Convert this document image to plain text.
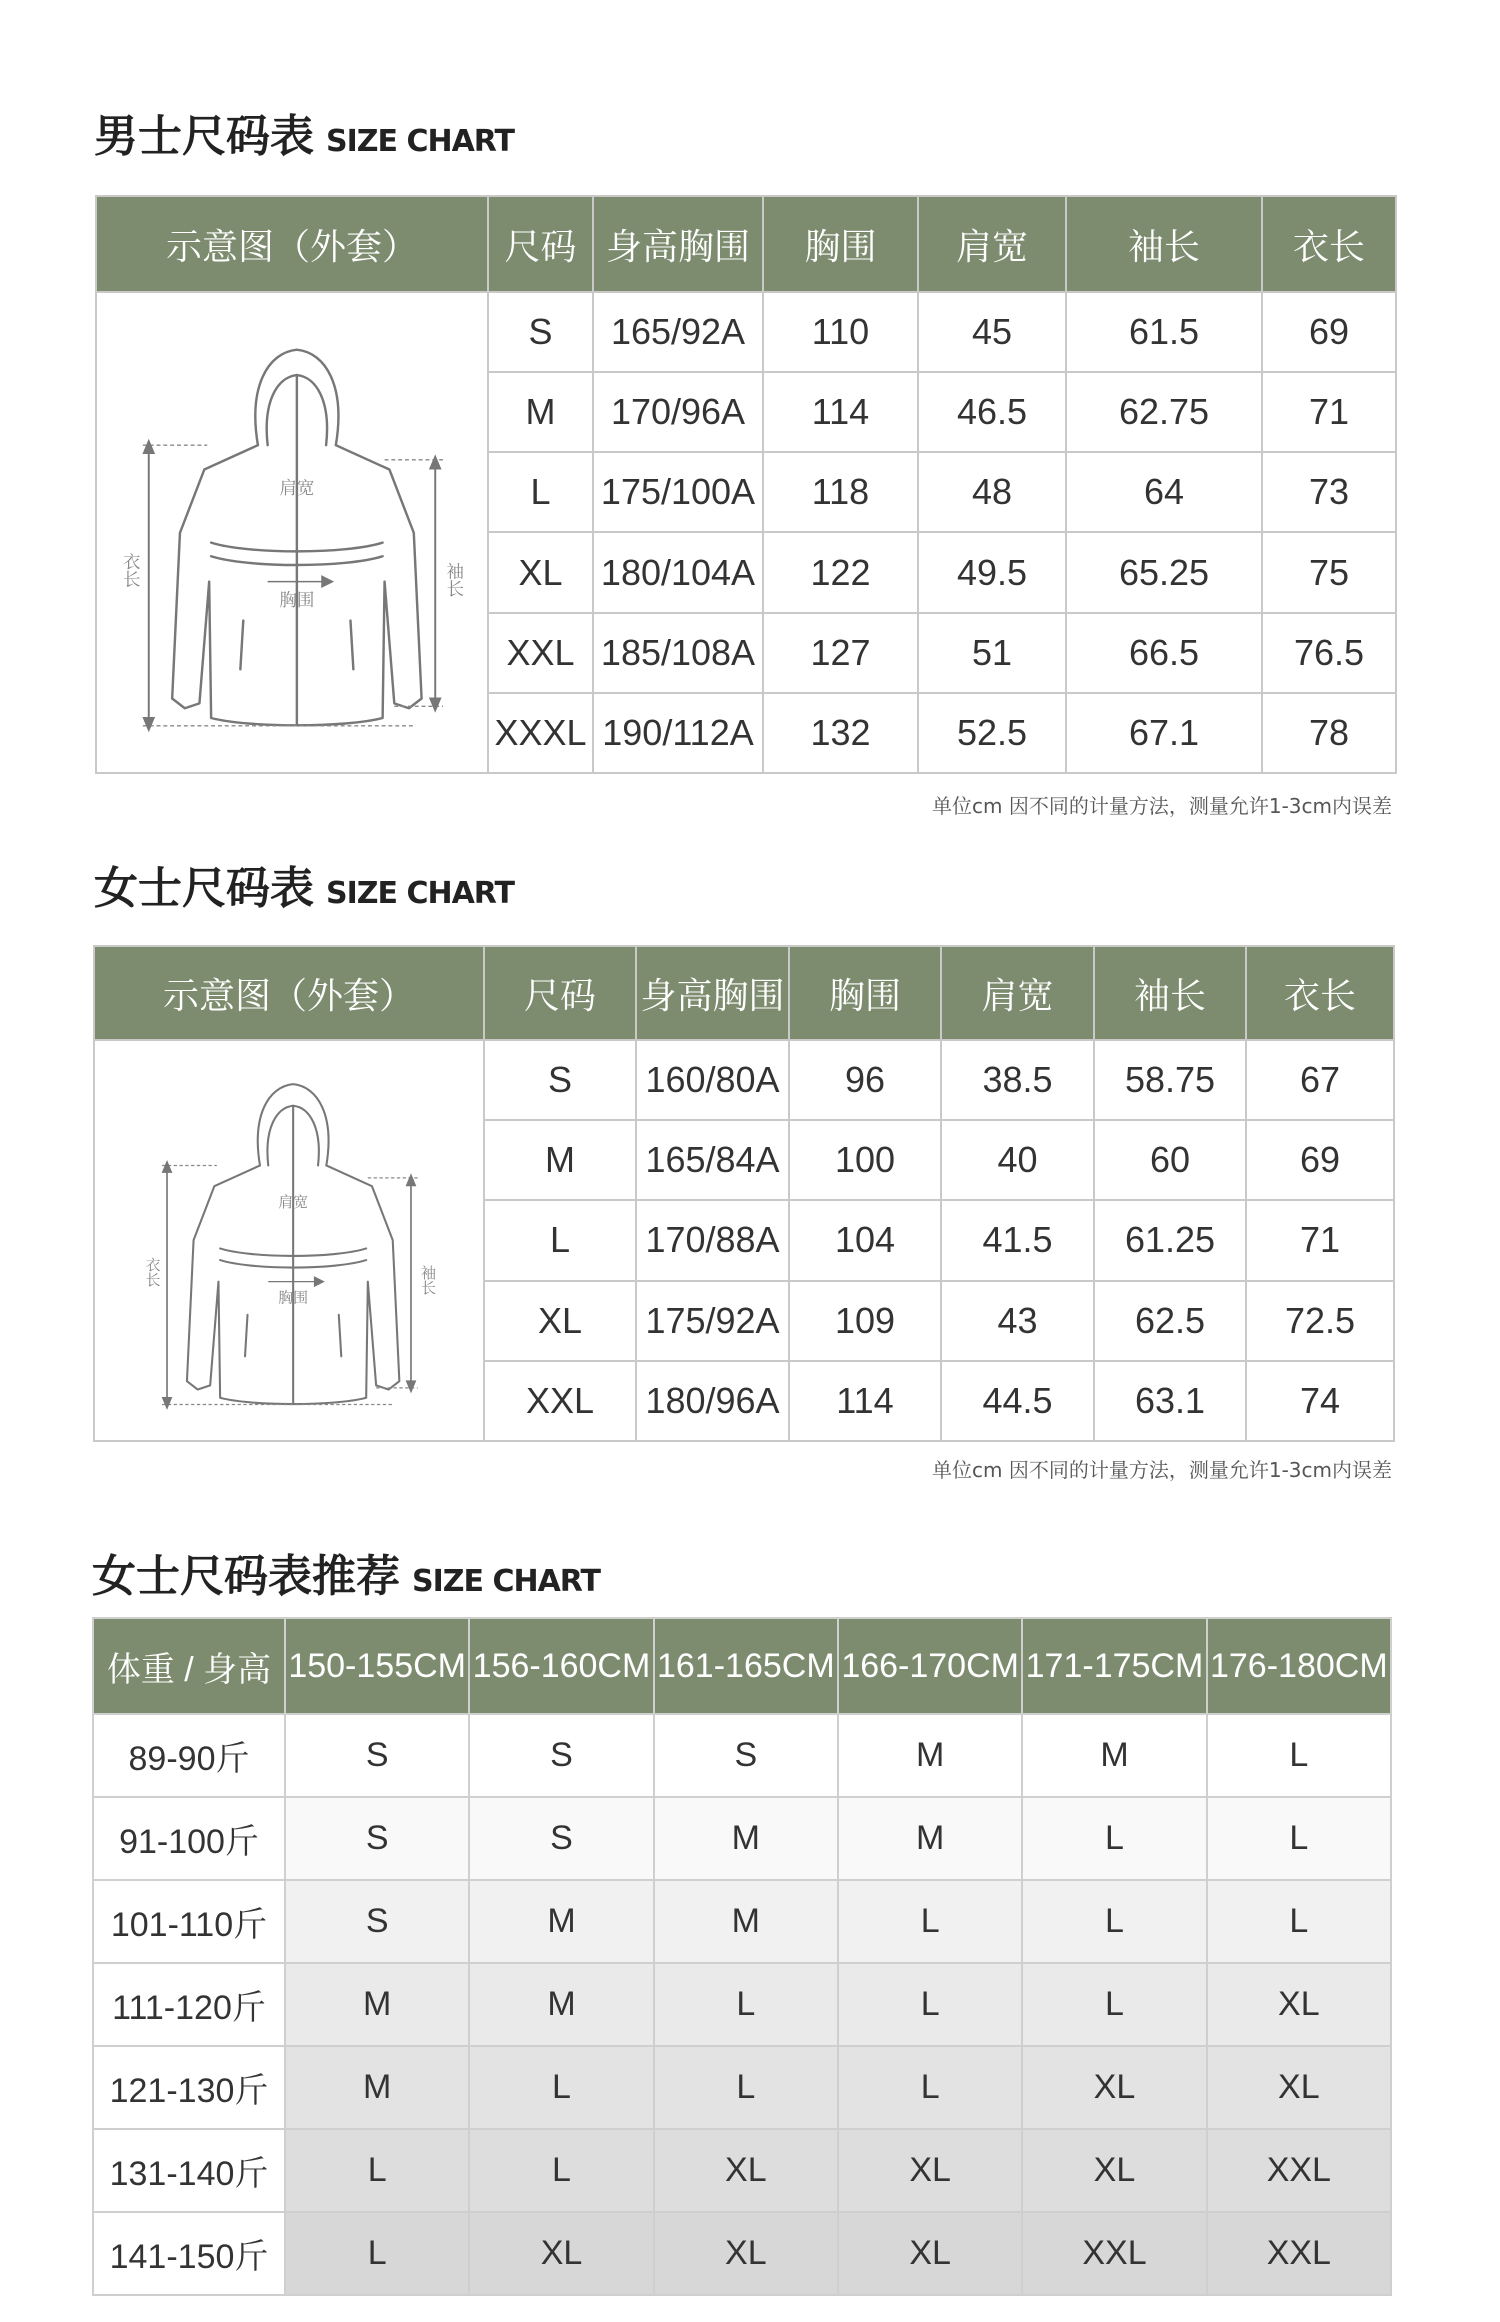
男士尺码表 SIZE CHART
示意图（外套）	尺码	身高胸围	胸围	肩宽	袖长	衣长

肩宽
胸围
衣长 袖长	S	165/92A	110	45	61.5	69
	M	170/96A	114	46.5	62.75	71
	L	175/100A	118	48	64	73
	XL	180/104A	122	49.5	65.25	75
	XXL	185/108A	127	51	66.5	76.5
	XXXL	190/112A	132	52.5	67.1	78
单位cm 因不同的计量方法，测量允许1-3cm内误差
女士尺码表 SIZE CHART
示意图（外套）	尺码	身高胸围	胸围	肩宽	袖长	衣长

肩宽
胸围
衣长 袖长	S	160/80A	96	38.5	58.75	67
	M	165/84A	100	40	60	69
	L	170/88A	104	41.5	61.25	71
	XL	175/92A	109	43	62.5	72.5
	XXL	180/96A	114	44.5	63.1	74
单位cm 因不同的计量方法，测量允许1-3cm内误差
女士尺码表推荐 SIZE CHART
体重 / 身高	150-155CM	156-160CM	161-165CM	166-170CM	171-175CM	176-180CM
89-90斤	S	S	S	M	M	L
91-100斤	S	S	M	M	L	L
101-110斤	S	M	M	L	L	L
111-120斤	M	M	L	L	L	XL
121-130斤	M	L	L	L	XL	XL
131-140斤	L	L	XL	XL	XL	XXL
141-150斤	L	XL	XL	XL	XXL	XXL
